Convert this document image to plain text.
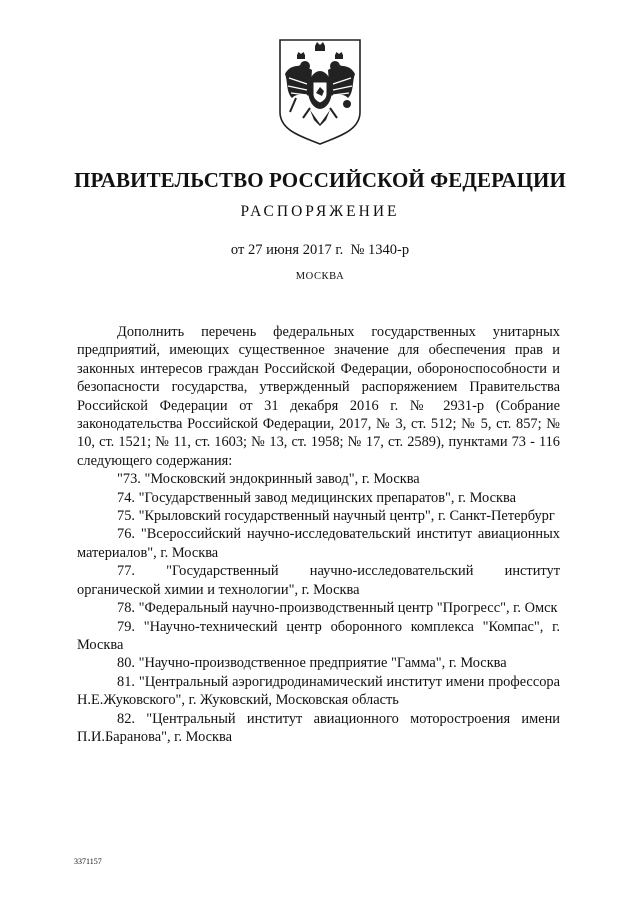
ПРАВИТЕЛЬСТВО РОССИЙСКОЙ ФЕДЕРАЦИИ
РАСПОРЯЖЕНИЕ
от 27 июня 2017 г.  № 1340-р
МОСКВА

Дополнить перечень федеральных государственных унитарных предприятий, имеющих существенное значение для обеспечения прав и законных интересов граждан Российской Федерации, обороноспособности и безопасности государства, утвержденный распоряжением Правительства Российской Федерации от 31 декабря 2016 г. № 2931-р (Собрание законодательства Российской Федерации, 2017, № 3, ст. 512; № 5, ст. 857; № 10, ст. 1521; № 11, ст. 1603; № 13, ст. 1958; № 17, ст. 2589), пунктами 73 - 116 следующего содержания:

"73. "Московский эндокринный завод", г. Москва

74. "Государственный завод медицинских препаратов", г. Москва

75. "Крыловский государственный научный центр", г. Санкт-Петербург

76. "Всероссийский научно-исследовательский институт авиационных материалов", г. Москва

77. "Государственный научно-исследовательский институт органической химии и технологии", г. Москва

78. "Федеральный научно-производственный центр "Прогресс", г. Омск

79. "Научно-технический центр оборонного комплекса "Компас", г. Москва

80. "Научно-производственное предприятие "Гамма", г. Москва

81. "Центральный аэрогидродинамический институт имени профессора Н.Е.Жуковского", г. Жуковский, Московская область

82. "Центральный институт авиационного моторостроения имени П.И.Баранова", г. Москва

3371157
